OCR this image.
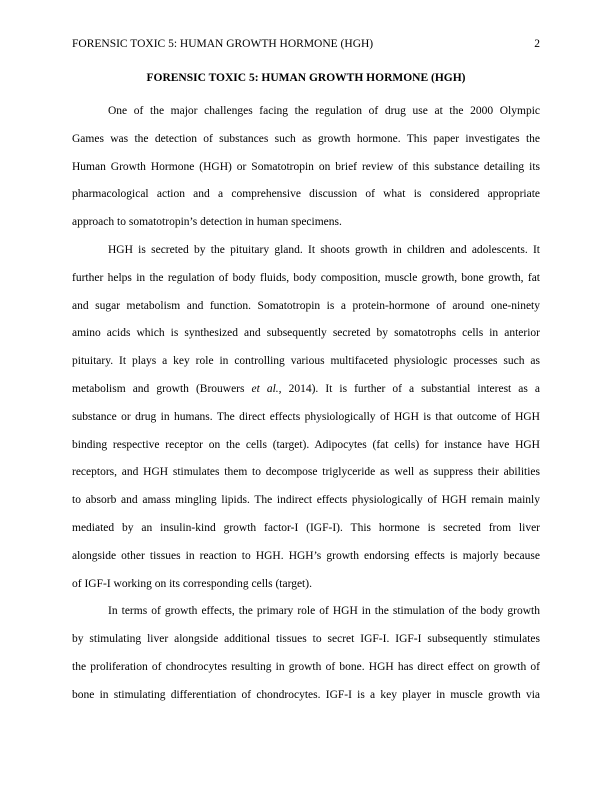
FORENSIC TOXIC 5: HUMAN GROWTH HORMONE (HGH)	2
FORENSIC TOXIC 5: HUMAN GROWTH HORMONE (HGH)
One of the major challenges facing the regulation of drug use at the 2000 Olympic
Games was the detection of substances such as growth hormone. This paper investigates the
Human Growth Hormone (HGH) or Somatotropin on brief review of this substance detailing its
pharmacological action and a comprehensive discussion of what is considered appropriate
approach to somatotropin’s detection in human specimens.
HGH is secreted by the pituitary gland. It shoots growth in children and adolescents. It
further helps in the regulation of body fluids, body composition, muscle growth, bone growth, fat
and sugar metabolism and function. Somatotropin is a protein-hormone of around one-ninety
amino acids which is synthesized and subsequently secreted by somatotrophs cells in anterior
pituitary. It plays a key role in controlling various multifaceted physiologic processes such as
metabolism and growth (Brouwers et al., 2014). It is further of a substantial interest as a
substance or drug in humans. The direct effects physiologically of HGH is that outcome of HGH
binding respective receptor on the cells (target). Adipocytes (fat cells) for instance have HGH
receptors, and HGH stimulates them to decompose triglyceride as well as suppress their abilities
to absorb and amass mingling lipids. The indirect effects physiologically of HGH remain mainly
mediated by an insulin-kind growth factor-I (IGF-I). This hormone is secreted from liver
alongside other tissues in reaction to HGH. HGH’s growth endorsing effects is majorly because
of IGF-I working on its corresponding cells (target).
In terms of growth effects, the primary role of HGH in the stimulation of the body growth
by stimulating liver alongside additional tissues to secret IGF-I. IGF-I subsequently stimulates
the proliferation of chondrocytes resulting in growth of bone. HGH has direct effect on growth of
bone in stimulating differentiation of chondrocytes. IGF-I is a key player in muscle growth via
